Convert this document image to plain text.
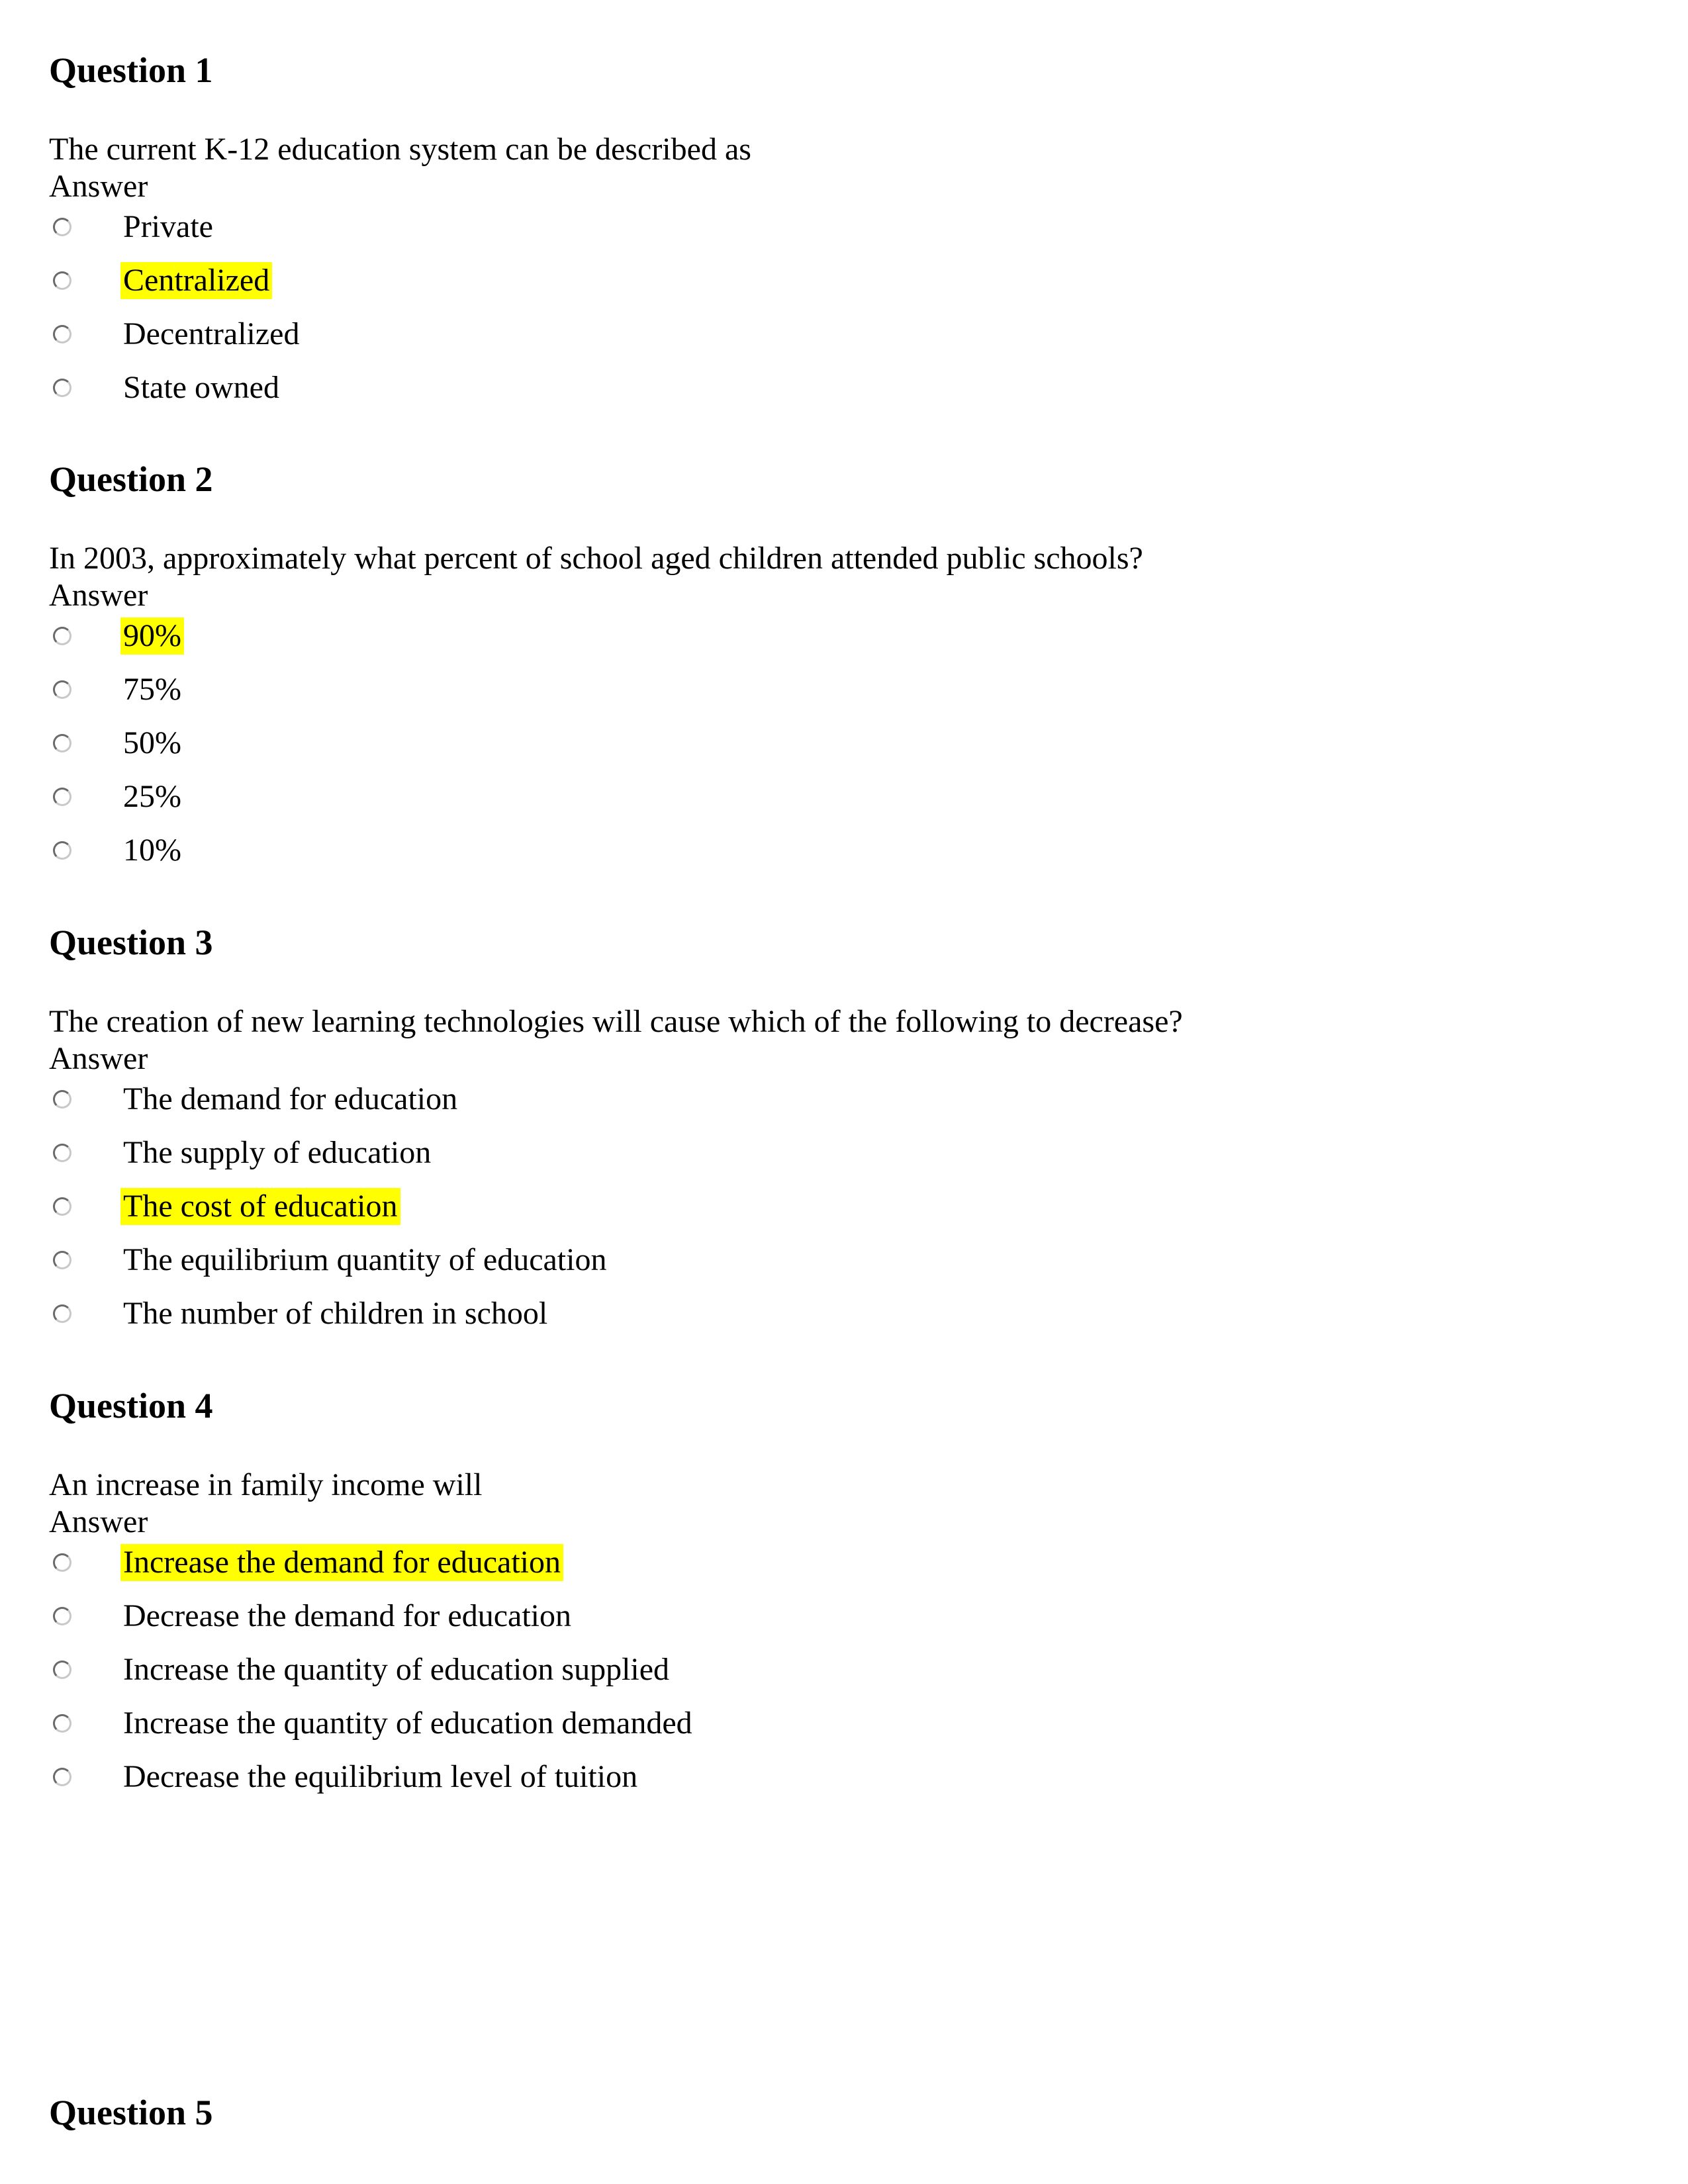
Question 1

The current K-12 education system can be described as

Answer

Private
Centralized
Decentralized
State owned
Question 2

In 2003, approximately what percent of school aged children attended public schools?

Answer

90%
75%
50%
25%
10%
Question 3

The creation of new learning technologies will cause which of the following to decrease?

Answer

The demand for education
The supply of education
The cost of education
The equilibrium quantity of education
The number of children in school
Question 4

An increase in family income will

Answer

Increase the demand for education
Decrease the demand for education
Increase the quantity of education supplied
Increase the quantity of education demanded
Decrease the equilibrium level of tuition
Question 5
